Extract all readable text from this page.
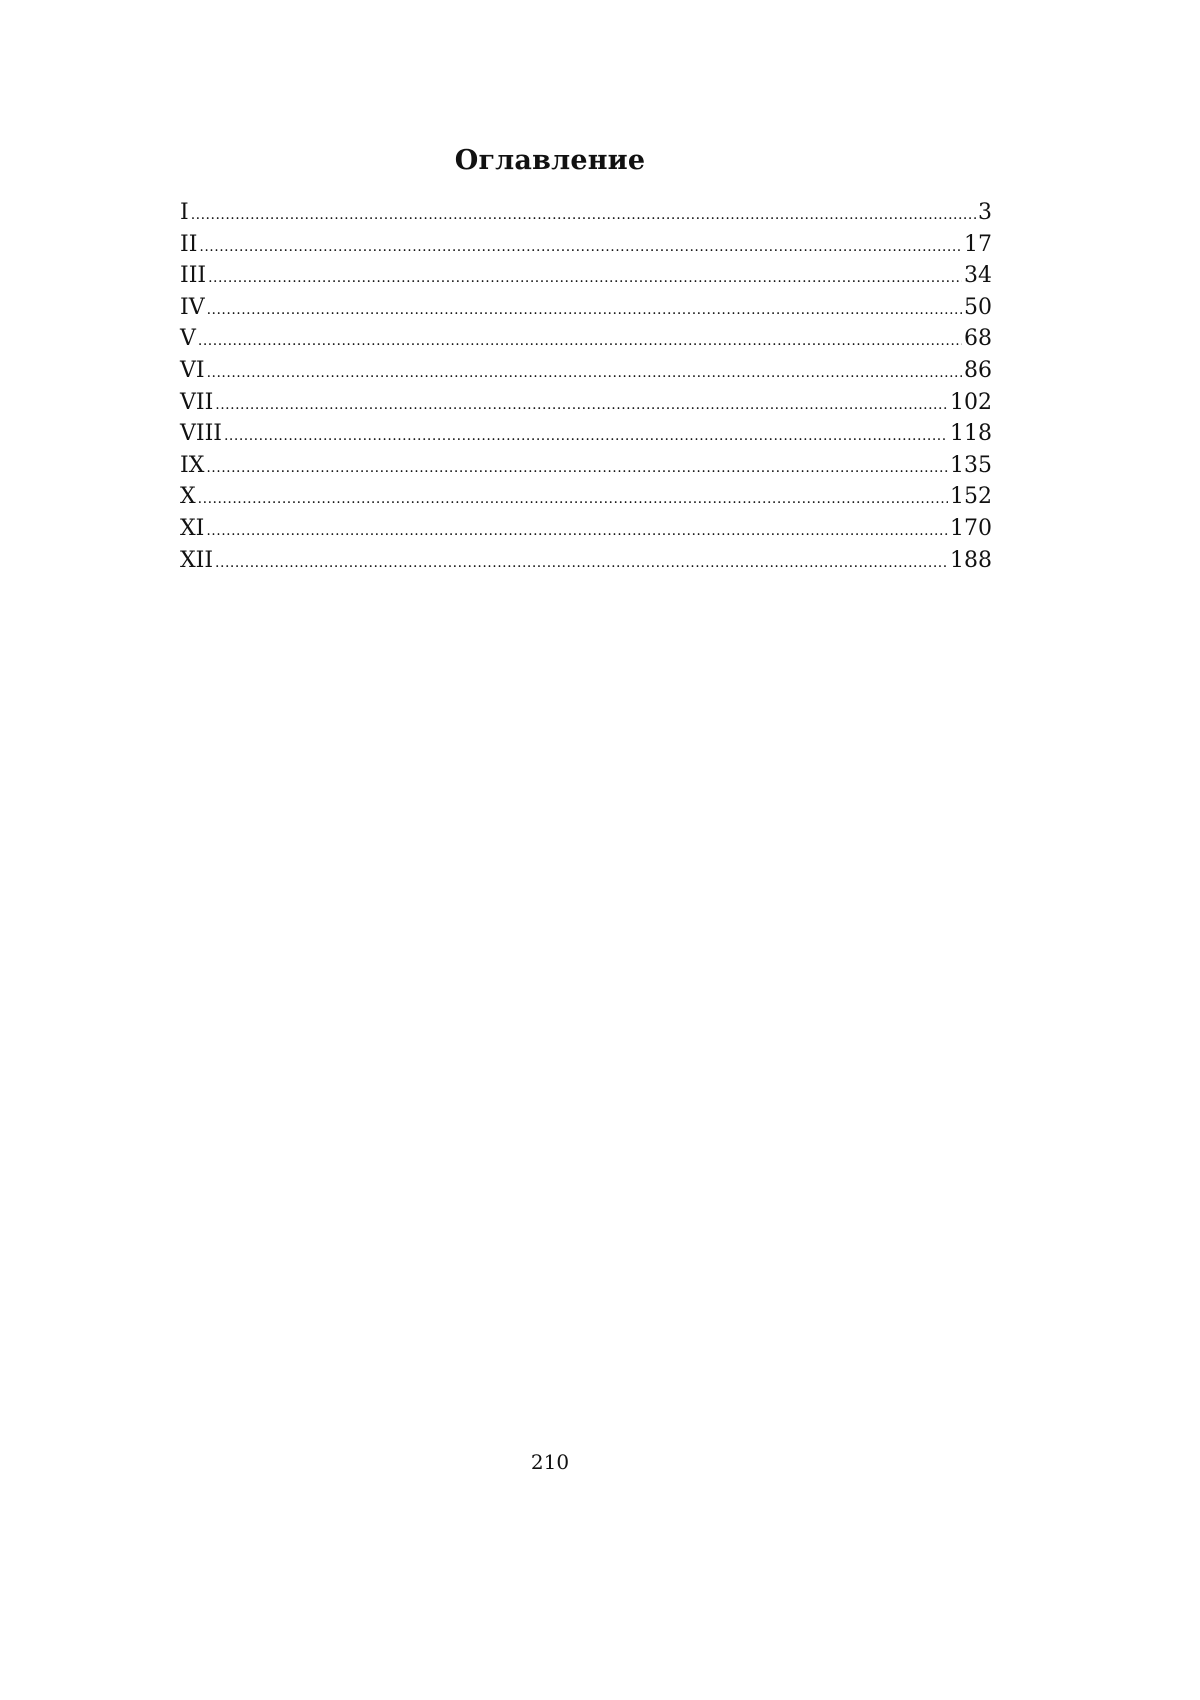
Оглавление
I .....	3
II .....	17
III .....	34
IV .....	50
V .....	68
VI .....	86
VII .....	102
VIII .....	118
IX .....	135
X .....	152
XI .....	170
XII .....	188
210
